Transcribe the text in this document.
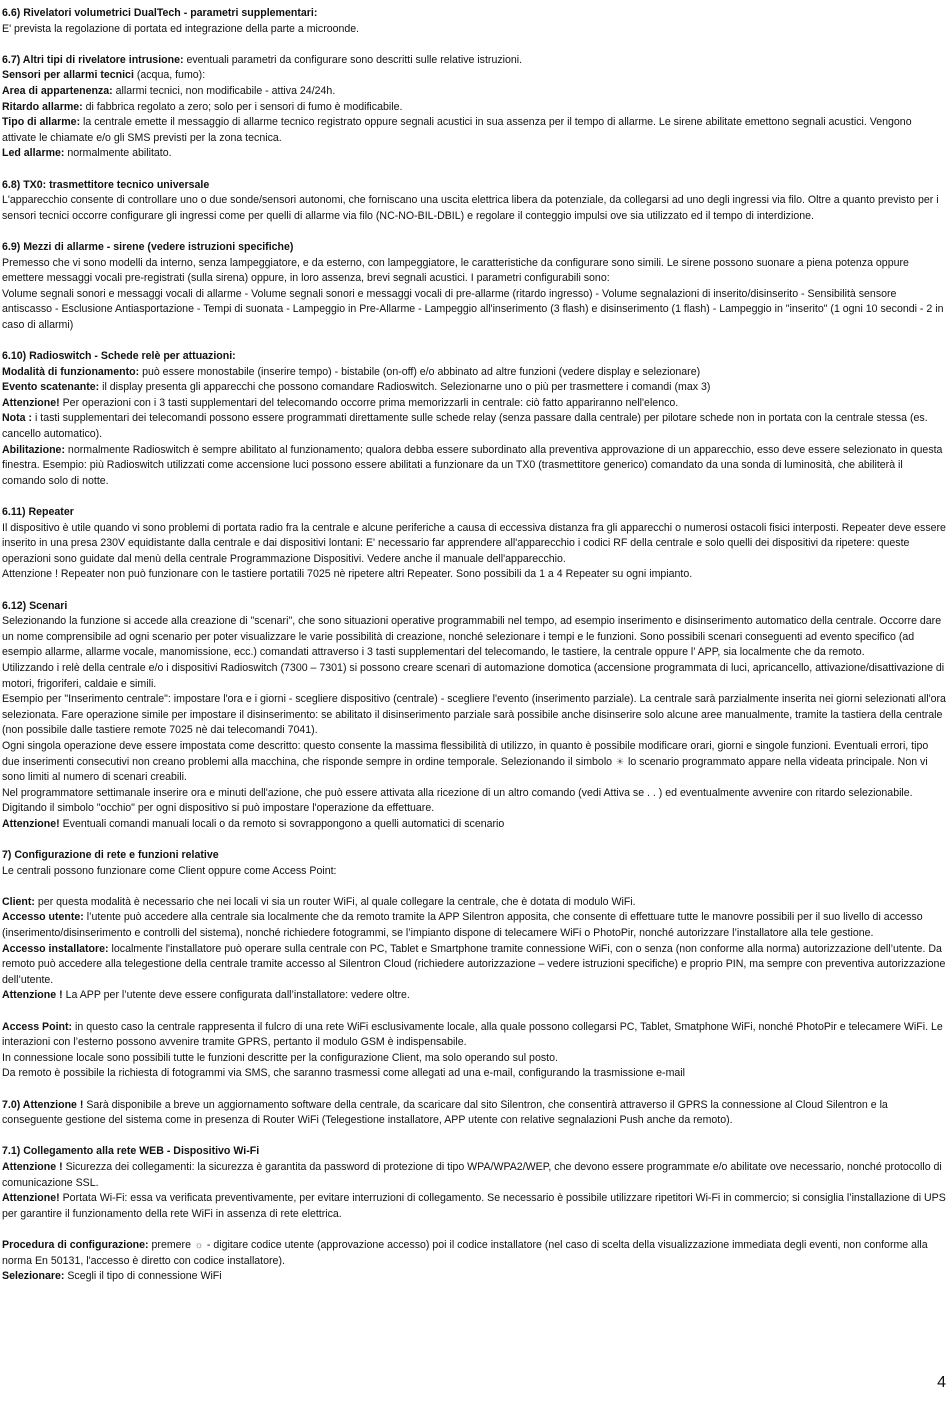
6.6) Rivelatori volumetrici DualTech - parametri supplementari:

E' prevista la regolazione di portata ed integrazione della parte a microonde.

6.7) Altri tipi di rivelatore intrusione: eventuali parametri da configurare sono descritti sulle relative istruzioni.

Sensori per allarmi tecnici (acqua, fumo):

Area di appartenenza: allarmi tecnici, non modificabile - attiva 24/24h.

Ritardo allarme: di fabbrica regolato a zero; solo per i sensori di fumo è modificabile.

Tipo di allarme: la centrale emette il messaggio di allarme tecnico registrato oppure segnali acustici in sua assenza per il tempo di allarme. Le sirene abilitate emettono segnali acustici. Vengono attivate le chiamate e/o gli SMS previsti per la zona tecnica.

Led allarme: normalmente abilitato.

6.8) TX0: trasmettitore tecnico universale

L'apparecchio consente di controllare uno o due sonde/sensori autonomi, che forniscano una uscita elettrica libera da potenziale, da collegarsi ad uno degli ingressi via filo. Oltre a quanto previsto per i sensori tecnici occorre configurare gli ingressi come per quelli di allarme via filo (NC-NO-BIL-DBIL) e regolare il conteggio impulsi ove sia utilizzato ed il tempo di interdizione.

6.9) Mezzi di allarme - sirene (vedere istruzioni specifiche)

Premesso che vi sono modelli da interno, senza lampeggiatore, e da esterno, con lampeggiatore, le caratteristiche da configurare sono simili. Le sirene possono suonare a piena potenza oppure emettere messaggi vocali pre-registrati (sulla sirena) oppure, in loro assenza, brevi segnali acustici. I parametri configurabili sono:

Volume segnali sonori e messaggi vocali di allarme - Volume segnali sonori e messaggi vocali di pre-allarme (ritardo ingresso) - Volume segnalazioni di inserito/disinserito - Sensibilità sensore antiscasso - Esclusione Antiasportazione - Tempi di suonata - Lampeggio in Pre-Allarme - Lampeggio all'inserimento (3 flash) e disinserimento (1 flash) - Lampeggio in "inserito" (1 ogni 10 secondi - 2 in caso di allarmi)

6.10) Radioswitch - Schede relè per attuazioni:

Modalità di funzionamento: può essere monostabile (inserire tempo) - bistabile (on-off) e/o abbinato ad altre funzioni (vedere display e selezionare)

Evento scatenante: il display presenta gli apparecchi che possono comandare Radioswitch. Selezionarne uno o più per trasmettere i comandi (max 3)

Attenzione! Per operazioni con i 3 tasti supplementari del telecomando occorre prima memorizzarli in centrale: ciò fatto appariranno nell'elenco.

Nota : i tasti supplementari dei telecomandi possono essere programmati direttamente sulle schede relay (senza passare dalla centrale) per pilotare schede non in portata con la centrale stessa (es. cancello automatico).

Abilitazione: normalmente Radioswitch è sempre abilitato al funzionamento; qualora debba essere subordinato alla preventiva approvazione di un apparecchio, esso deve essere selezionato in questa finestra. Esempio: più Radioswitch utilizzati come accensione luci possono essere abilitati a funzionare da un TX0 (trasmettitore generico) comandato da una sonda di luminosità, che abiliterà il comando solo di notte.

6.11) Repeater

Il dispositivo è utile quando vi sono problemi di portata radio fra la centrale e alcune periferiche a causa di eccessiva distanza fra gli apparecchi o numerosi ostacoli fisici interposti. Repeater deve essere inserito in una presa 230V equidistante dalla centrale e dai dispositivi lontani: E' necessario far apprendere all'apparecchio i codici RF della centrale e solo quelli dei dispositivi da ripetere: queste operazioni sono guidate dal menù della centrale Programmazione Dispositivi. Vedere anche il manuale dell'apparecchio.

Attenzione ! Repeater non può funzionare con le tastiere portatili 7025 nè ripetere altri Repeater. Sono possibili da 1 a 4 Repeater su ogni impianto.

6.12) Scenari

Selezionando la funzione si accede alla creazione di "scenari", che sono situazioni operative programmabili nel tempo, ad esempio inserimento e disinserimento automatico della centrale. Occorre dare un nome comprensibile ad ogni scenario per poter visualizzare le varie possibilità di creazione, nonché selezionare i tempi e le funzioni. Sono possibili scenari conseguenti ad evento specifico (ad esempio allarme, allarme vocale, manomissione, ecc.) comandati attraverso i 3 tasti supplementari del telecomando, le tastiere, la centrale oppure l’ APP, sia localmente che da remoto.

Utilizzando i relè della centrale e/o i dispositivi Radioswitch (7300 – 7301) si possono creare scenari di automazione domotica (accensione programmata di luci, apricancello, attivazione/disattivazione di motori, frigoriferi, caldaie e simili.

Esempio per "Inserimento centrale": impostare l'ora e i giorni - scegliere dispositivo (centrale) - scegliere l'evento (inserimento parziale). La centrale sarà parzialmente inserita nei giorni selezionati all'ora selezionata. Fare operazione simile per impostare il disinserimento: se abilitato il disinserimento parziale sarà possibile anche disinserire solo alcune aree manualmente, tramite la tastiera della centrale (non possibile dalle tastiere remote 7025 nè dai telecomandi 7041).

Ogni singola operazione deve essere impostata come descritto: questo consente la massima flessibilità di utilizzo, in quanto è possibile modificare orari, giorni e singole funzioni. Eventuali errori, tipo due inserimenti consecutivi non creano problemi alla macchina, che risponde sempre in ordine temporale. Selezionando il simbolo ☀ lo scenario programmato appare nella videata principale. Non vi sono limiti al numero di scenari creabili.

Nel programmatore settimanale inserire ora e minuti dell'azione, che può essere attivata alla ricezione di un altro comando (vedi Attiva se . . ) ed eventualmente avvenire con ritardo selezionabile. Digitando il simbolo "occhio" per ogni dispositivo si può impostare l'operazione da effettuare.

Attenzione! Eventuali comandi manuali locali o da remoto si sovrappongono a quelli automatici di scenario

7) Configurazione di rete e funzioni relative

Le centrali possono funzionare come Client oppure come Access Point:

Client: per questa modalità è necessario che nei locali vi sia un router WiFi, al quale collegare la centrale, che è dotata di modulo WiFi.

Accesso utente: l’utente può accedere alla centrale sia localmente che da remoto tramite la APP Silentron apposita, che consente di effettuare tutte le manovre possibili per il suo livello di accesso (inserimento/disinserimento e controlli del sistema), nonché richiedere fotogrammi, se l’impianto dispone di telecamere WiFi o PhotoPir, nonché autorizzare l’installatore alla tele gestione.

Accesso installatore: localmente l'installatore può operare sulla centrale con PC, Tablet e Smartphone tramite connessione WiFi, con o senza (non conforme alla norma) autorizzazione dell’utente. Da remoto può accedere alla telegestione della centrale tramite accesso al Silentron Cloud (richiedere autorizzazione – vedere istruzioni specifiche) e proprio PIN, ma sempre con preventiva autorizzazione dell’utente.

Attenzione ! La APP per l’utente deve essere configurata dall’installatore: vedere oltre.

Access Point: in questo caso la centrale rappresenta il fulcro di una rete WiFi esclusivamente locale, alla quale possono collegarsi PC, Tablet, Smatphone WiFi, nonché PhotoPir e telecamere WiFi. Le interazioni con l’esterno possono avvenire tramite GPRS, pertanto il modulo GSM è indispensabile.

In connessione locale sono possibili tutte le funzioni descritte per la configurazione Client, ma solo operando sul posto.

Da remoto è possibile la richiesta di fotogrammi via SMS, che saranno trasmessi come allegati ad una e-mail, configurando la trasmissione e-mail

7.0) Attenzione ! Sarà disponibile a breve un aggiornamento software della centrale, da scaricare dal sito Silentron, che consentirà attraverso il GPRS la connessione al Cloud Silentron e la conseguente gestione del sistema come in presenza di Router WiFi (Telegestione installatore, APP utente con relative segnalazioni Push anche da remoto).

7.1) Collegamento alla rete WEB - Dispositivo Wi-Fi

Attenzione ! Sicurezza dei collegamenti: la sicurezza è garantita da password di protezione di tipo WPA/WPA2/WEP, che devono essere programmate e/o abilitate ove necessario, nonché protocollo di comunicazione SSL.

Attenzione! Portata Wi-Fi: essa va verificata preventivamente, per evitare interruzioni di collegamento. Se necessario è possibile utilizzare ripetitori Wi-Fi in commercio; si consiglia l’installazione di UPS per garantire il funzionamento della rete WiFi in assenza di rete elettrica.

Procedura di configurazione: premere ☼ - digitare codice utente (approvazione accesso) poi il codice installatore (nel caso di scelta della visualizzazione immediata degli eventi, non conforme alla norma En 50131, l'accesso è diretto con codice installatore).

Selezionare: Scegli il tipo di connessione WiFi

4
